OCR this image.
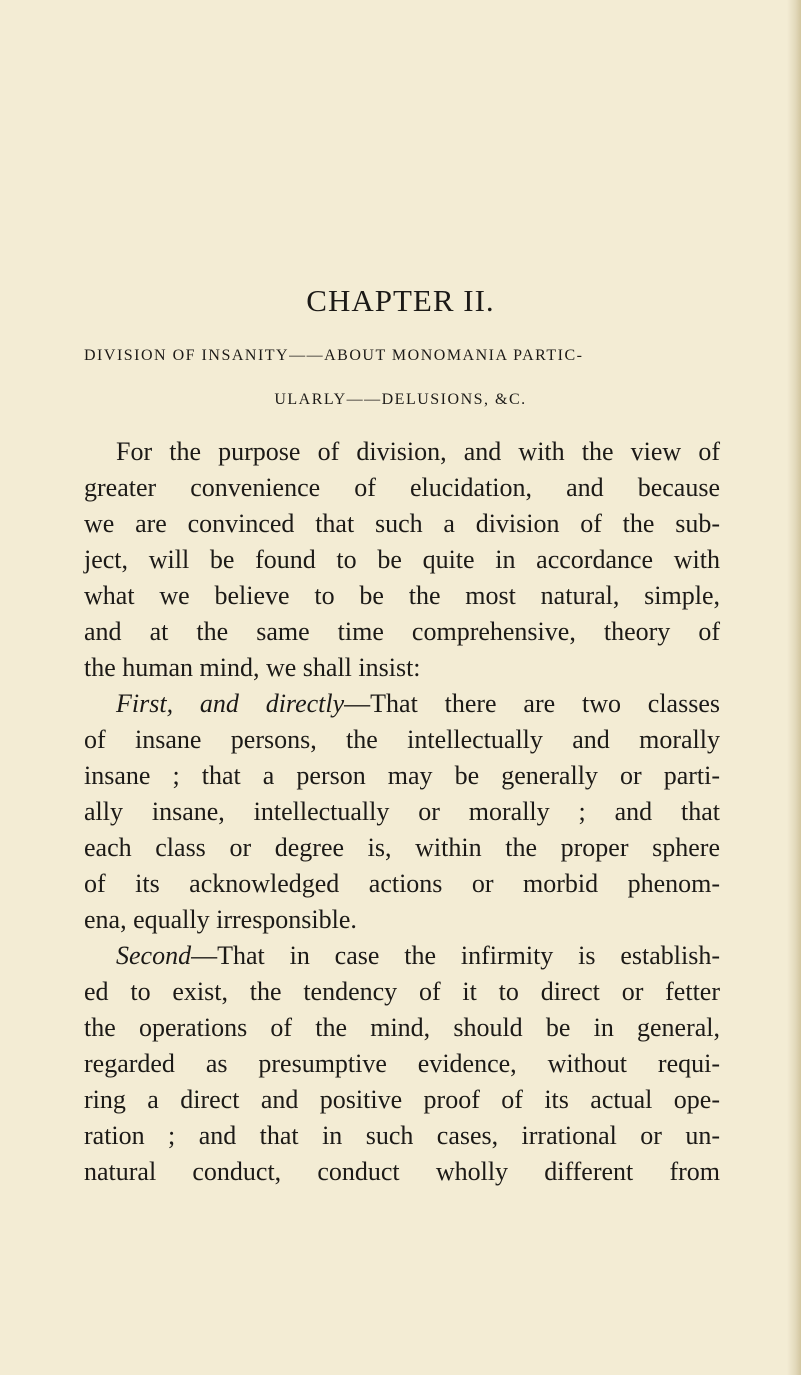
CHAPTER II.
DIVISION OF INSANITY——ABOUT MONOMANIA PARTIC-
ULARLY——DELUSIONS, &C.
For the purpose of division, and with the view of
greater convenience of elucidation, and because
we are convinced that such a division of the sub-
ject, will be found to be quite in accordance with
what we believe to be the most natural, simple,
and at the same time comprehensive, theory of
the human mind, we shall insist:
First, and directly—That there are two classes
of insane persons, the intellectually and morally
insane ; that a person may be generally or parti-
ally insane, intellectually or morally ; and that
each class or degree is, within the proper sphere
of its acknowledged actions or morbid phenom-
ena, equally irresponsible.
Second—That in case the infirmity is establish-
ed to exist, the tendency of it to direct or fetter
the operations of the mind, should be in general,
regarded as presumptive evidence, without requi-
ring a direct and positive proof of its actual ope-
ration ; and that in such cases, irrational or un-
natural conduct, conduct wholly different from
